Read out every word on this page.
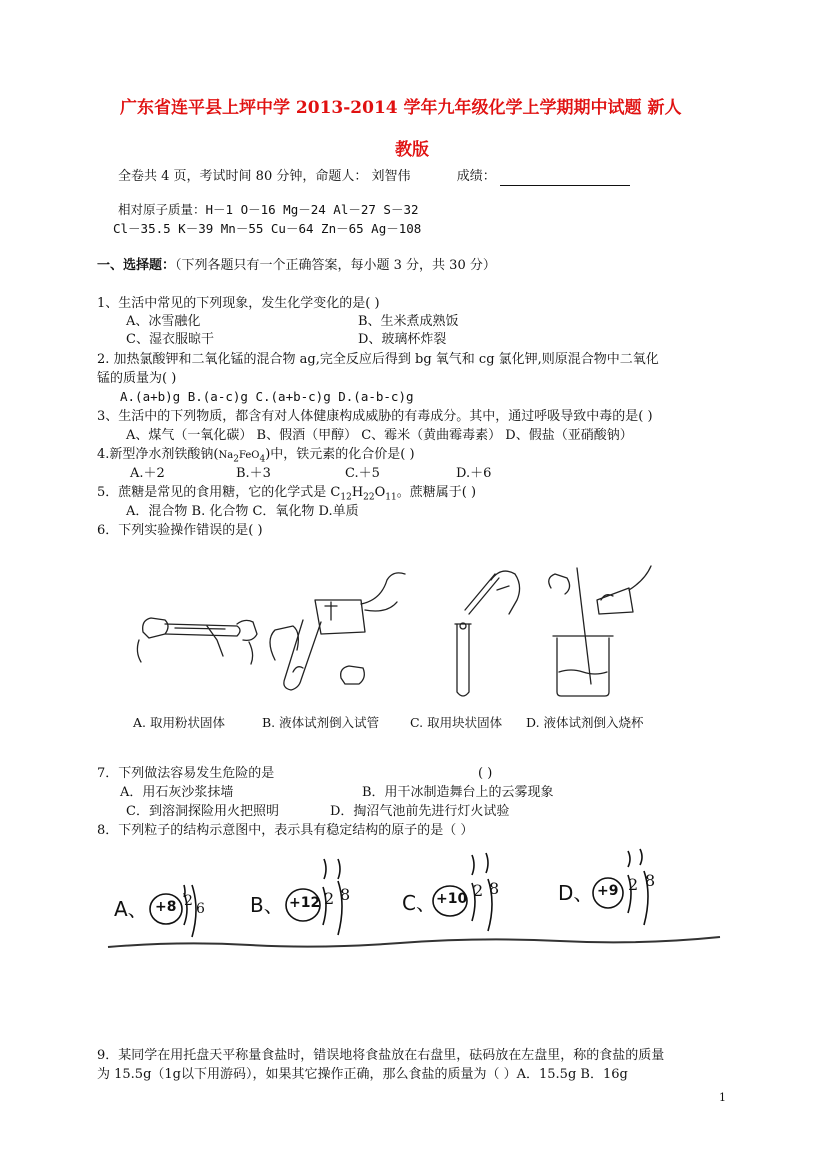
广东省连平县上坪中学 2013-2014 学年九年级化学上学期期中试题 新人
教版
全卷共 4 页，考试时间 80 分钟，命题人： 刘智伟	成绩：
相对原子质量：H－1 O－16 Mg－24 Al－27 S－32
Cl－35.5 K－39 Mn－55 Cu－64 Zn－65 Ag－108
一、选择题：（下列各题只有一个正确答案，每小题 3 分，共 30 分）
1、生活中常见的下列现象，发生化学变化的是( )
A、冰雪融化	B、生米煮成熟饭
C、湿衣服晾干	D、玻璃杯炸裂
2. 加热氯酸钾和二氧化锰的混合物 ag,完全反应后得到 bg 氧气和 cg 氯化钾,则原混合物中二氧化
锰的质量为( )
A.(a+b)g B.(a-c)g C.(a+b-c)g D.(a-b-c)g
3、生活中的下列物质，都含有对人体健康构成威胁的有毒成分。其中，通过呼吸导致中毒的是( )
A、煤气（一氧化碳） B、假酒（甲醇） C、霉米（黄曲霉毒素） D、假盐（亚硝酸钠）
4.新型净水剂铁酸钠$(Na_2FeO_4)$中，铁元素的化合价是( )
A.＋2	B.＋3	C.＋5	D.＋6
5．蔗糖是常见的食用糖，它的化学式是 $C_{12}H_{22}O_{11}$。蔗糖属于( )
A．混合物 B. 化合物 C．氧化物 D.单质
6．下列实验操作错误的是( )
A. 取用粉状固体	B. 液体试剂倒入试管 C. 取用块状固体 D. 液体试剂倒入烧杯
7．下列做法容易发生危险的是	( )
A．用石灰沙浆抹墙	B．用干冰制造舞台上的云雾现象
C．到溶洞探险用火把照明	D．掏沼气池前先进行灯火试验
8．下列粒子的结构示意图中，表示具有稳定结构的原子的是（ ）
A、 +8 2 6 B、 +12 2 8	C、 +10 2 8	D、 +9 2 8
9．某同学在用托盘天平称量食盐时，错误地将食盐放在右盘里，砝码放在左盘里，称的食盐的质量
为 15.5g（1g以下用游码），如果其它操作正确，那么食盐的质量为（ ）A．15.5g B．16g
1
